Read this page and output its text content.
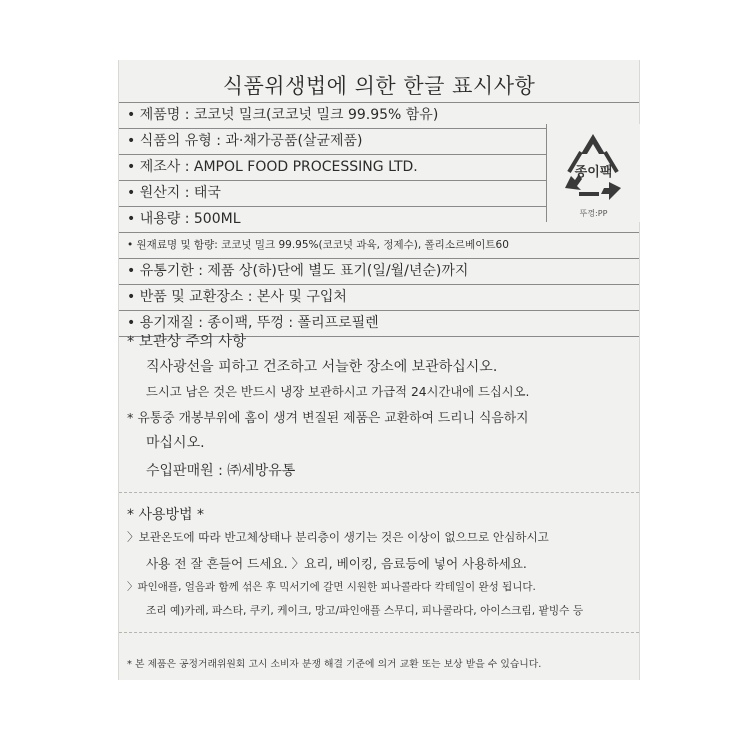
식품위생법에 의한 한글 표시사항
• 제품명 : 코코넛 밀크(코코넛 밀크 99.95% 함유)
• 식품의 유형 : 과·채가공품(살균제품)
• 제조사 : AMPOL FOOD PROCESSING LTD.
• 원산지 : 태국
• 내용량 : 500ML
• 원재료명 및 함량: 코코넛 밀크 99.95%(코코넛 과육, 정제수), 폴리소르베이트60
• 유통기한 : 제품 상(하)단에 별도 표기(일/월/년순)까지
• 반품 및 교환장소 : 본사 및 구입처
• 용기재질 : 종이팩, 뚜껑 : 폴리프로필렌
종이팩
뚜껑:PP
* 보관상 주의 사항
직사광선을 피하고 건조하고 서늘한 장소에 보관하십시오.
드시고 남은 것은 반드시 냉장 보관하시고 가급적 24시간내에 드십시오.
* 유통중 개봉부위에 홈이 생겨 변질된 제품은 교환하여 드리니 식음하지
마십시오.
수입판매원 : ㈜세방유통
* 사용방법 *
〉보관온도에 따라 반고체상태나 분리층이 생기는 것은 이상이 없으므로 안심하시고
사용 전 잘 흔들어 드세요. 〉요리, 베이킹, 음료등에 넣어 사용하세요.
〉파인애플, 얼음과 함께 섞은 후 믹서기에 갈면 시원한 피나콜라다 칵테일이 완성 됩니다.
조리 예)카레, 파스타, 쿠키, 케이크, 망고/파인애플 스무디, 피나콜라다, 아이스크림, 팥빙수 등
* 본 제품은 공정거래위원회 고시 소비자 분쟁 해결 기준에 의거 교환 또는 보상 받을 수 있습니다.
